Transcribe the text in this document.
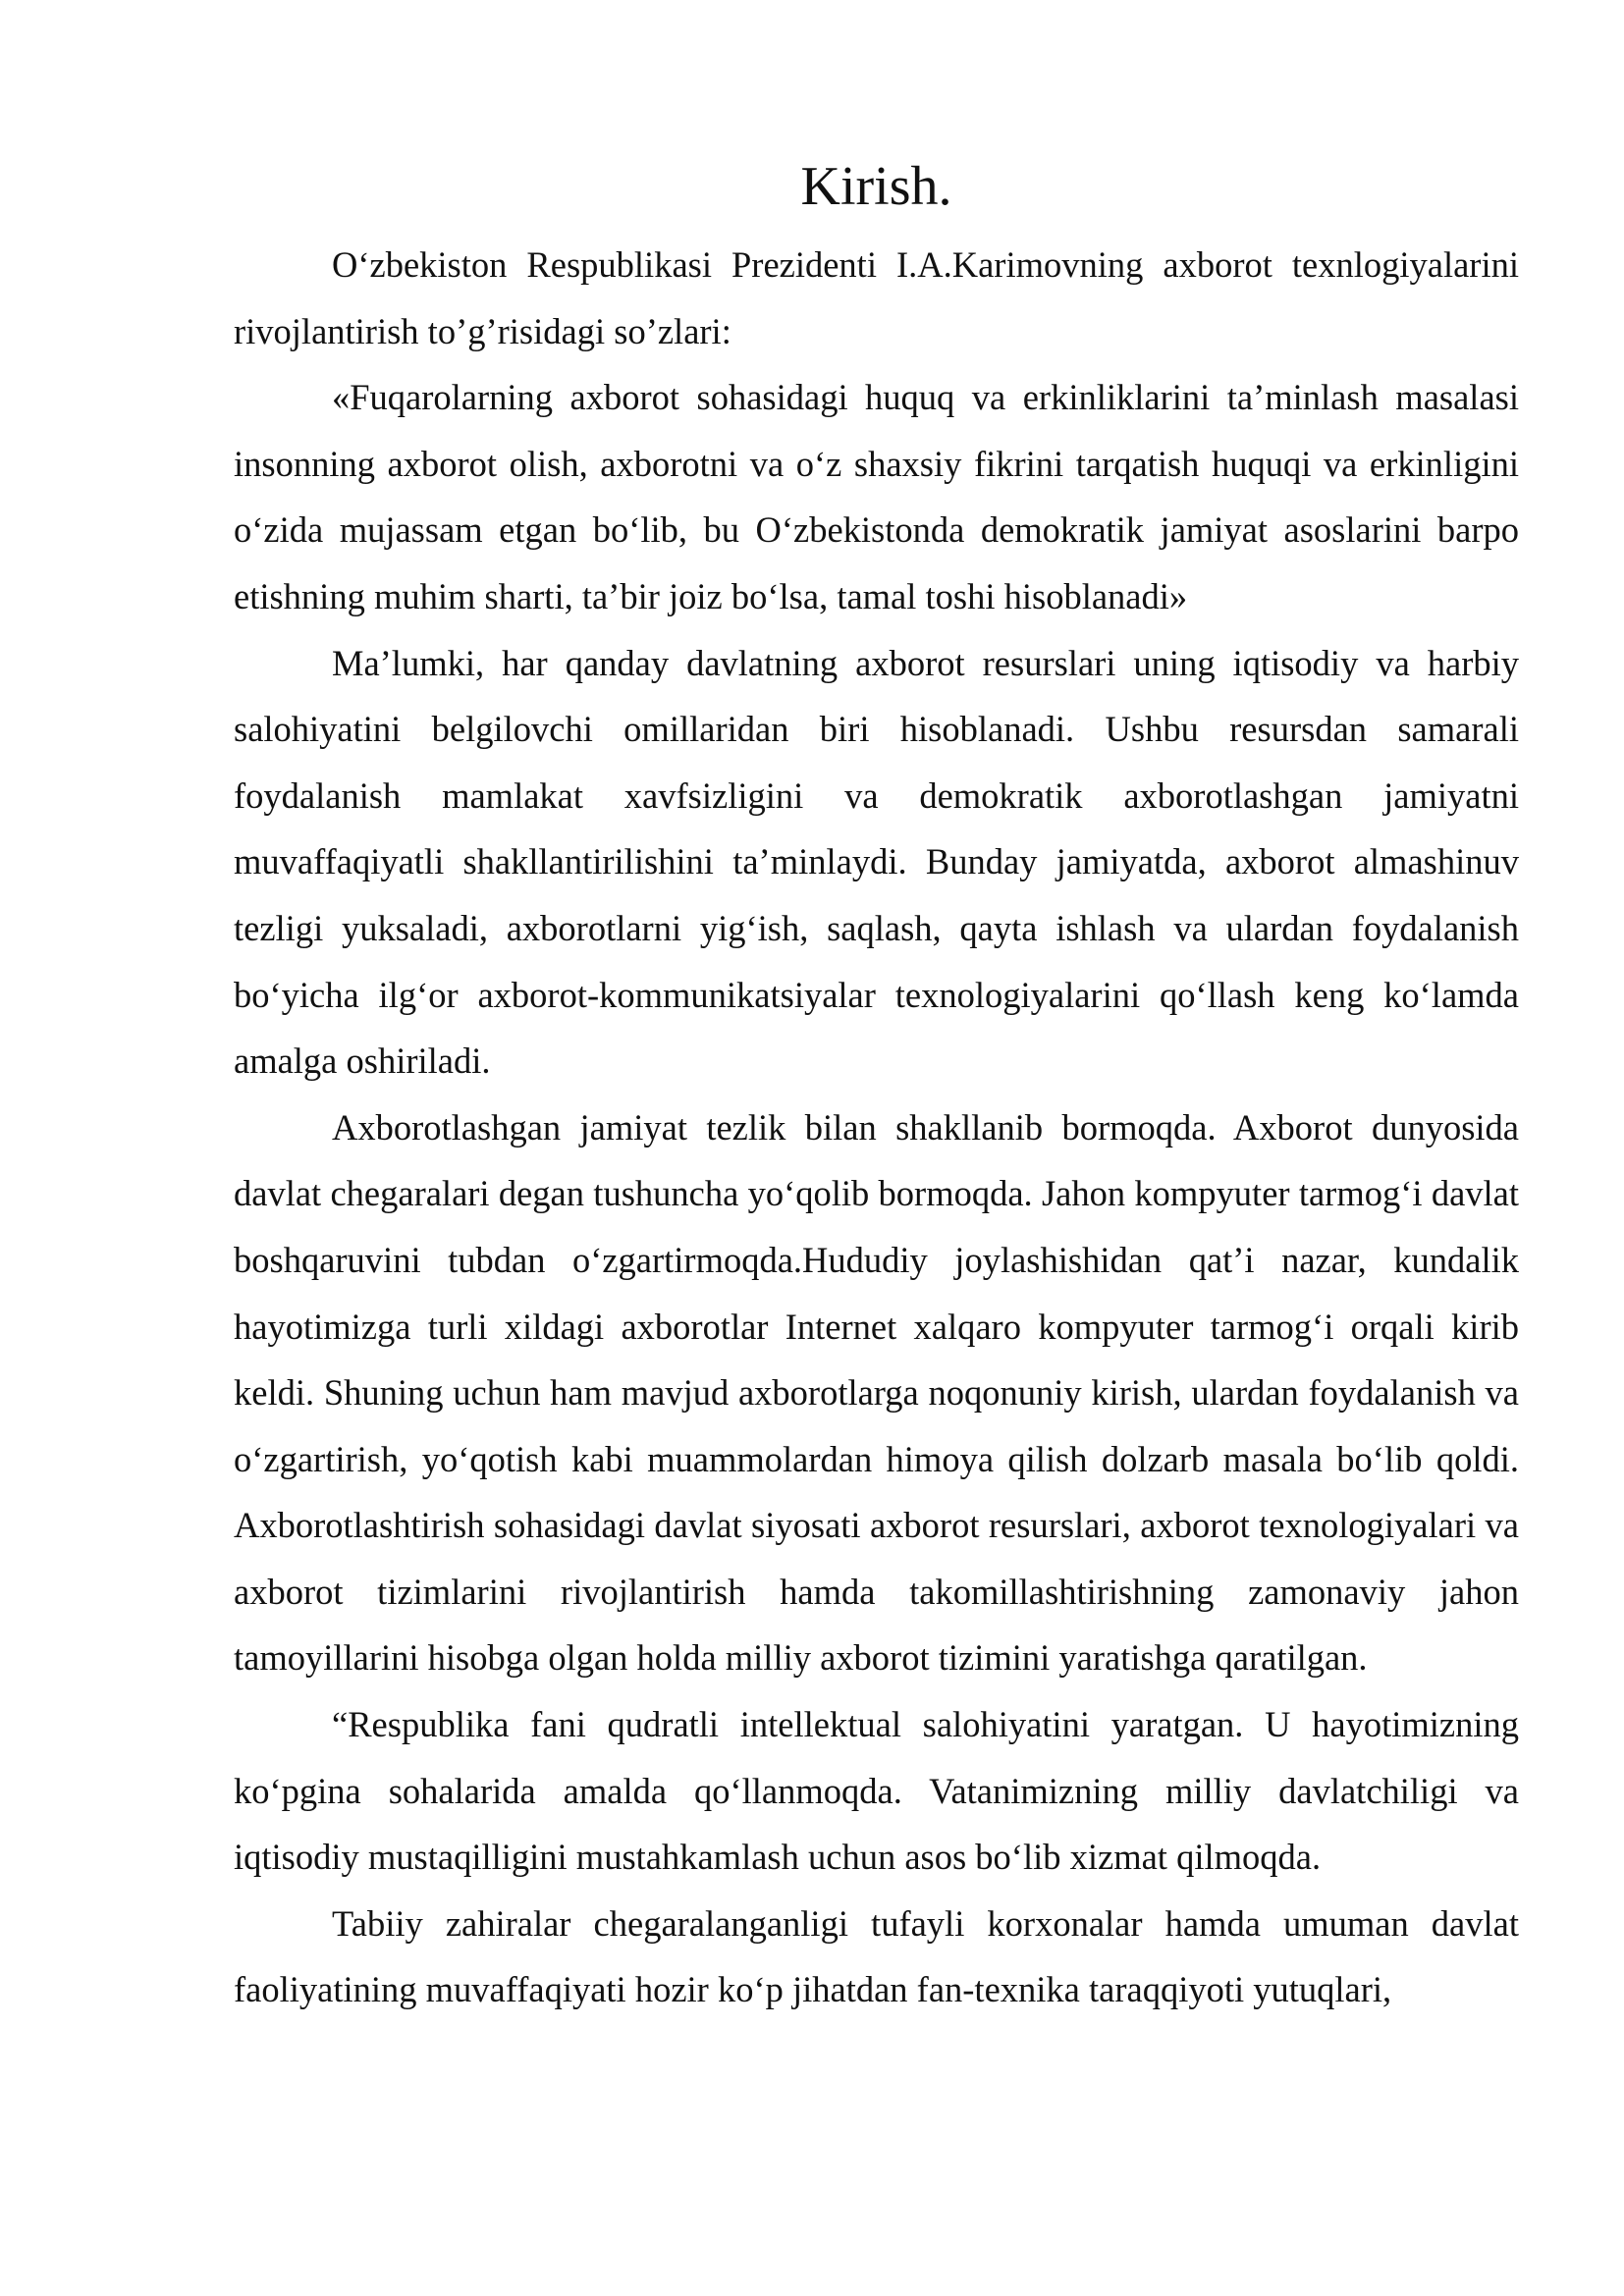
Kirish.

O‘zbekiston Respublikasi Prezidenti I.A.Karimovning axborot texnlogiyalarini rivojlantirish to’g’risidagi so’zlari:

«Fuqarolarning axborot sohasidagi huquq va erkinliklarini ta’minlash masalasi insonning axborot olish, axborotni va o‘z shaxsiy fikrini tarqatish huquqi va erkinligini o‘zida mujassam etgan bo‘lib, bu O‘zbekistonda demokratik jamiyat asoslarini barpo etishning muhim sharti, ta’bir joiz bo‘lsa, tamal toshi hisoblanadi»

Ma’lumki, har qanday davlatning axborot resurslari uning iqtisodiy va harbiy salohiyatini belgilovchi omillaridan biri hisoblanadi. Ushbu resursdan samarali foydalanish mamlakat xavfsizligini va demokratik axborotlashgan jamiyatni muvaffaqiyatli shakllantirilishini ta’minlaydi. Bunday jamiyatda, axborot almashinuv tezligi yuksaladi, axborotlarni yig‘ish, saqlash, qayta ishlash va ulardan foydalanish bo‘yicha ilg‘or axborot-kommunikatsiyalar texnologiyalarini qo‘llash keng ko‘lamda amalga oshiriladi.

Axborotlashgan jamiyat tezlik bilan shakllanib bormoqda. Axborot dunyosida davlat chegaralari degan tushuncha yo‘qolib bormoqda. Jahon kompyuter tarmog‘i davlat boshqaruvini tubdan o‘zgartirmoqda.Hududiy joylashishidan qat’i nazar, kundalik hayotimizga turli xildagi axborotlar Internet xalqaro kompyuter tarmog‘i orqali kirib keldi. Shuning uchun ham mavjud axborotlarga noqonuniy kirish, ulardan foydalanish va o‘zgartirish, yo‘qotish kabi muammolardan himoya qilish dolzarb masala bo‘lib qoldi. Axborotlashtirish sohasidagi davlat siyosati axborot resurslari, axborot texnologiyalari va axborot tizimlarini rivojlantirish hamda takomillashtirishning zamonaviy jahon tamoyillarini hisobga olgan holda milliy axborot tizimini yaratishga qaratilgan.

“Respublika fani qudratli intellektual salohiyatini yaratgan. U hayotimizning ko‘pgina sohalarida amalda qo‘llanmoqda. Vatanimizning milliy davlatchiligi va iqtisodiy mustaqilligini mustahkamlash uchun asos bo‘lib xizmat qilmoqda.

Tabiiy zahiralar chegaralanganligi tufayli korxonalar hamda umuman davlat faoliyatining muvaffaqiyati hozir ko‘p jihatdan fan-texnika taraqqiyoti yutuqlari,
